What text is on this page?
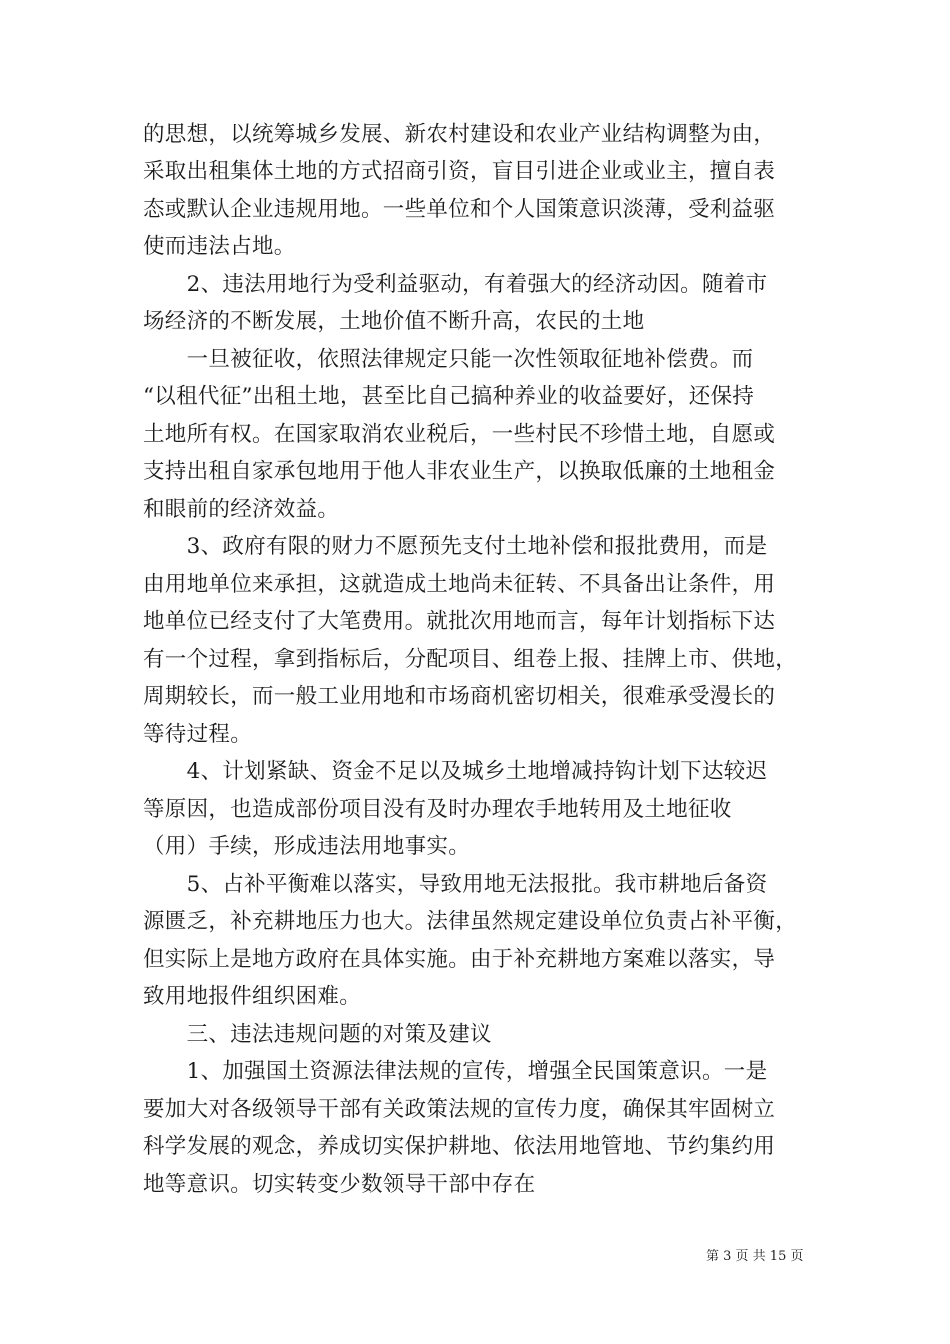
的思想，以统筹城乡发展、新农村建设和农业产业结构调整为由，
采取出租集体土地的方式招商引资，盲目引进企业或业主，擅自表
态或默认企业违规用地。一些单位和个人国策意识淡薄，受利益驱
使而违法占地。
　　2、违法用地行为受利益驱动，有着强大的经济动因。随着市
场经济的不断发展，土地价值不断升高，农民的土地
　　一旦被征收，依照法律规定只能一次性领取征地补偿费。而
“以租代征”出租土地，甚至比自己搞种养业的收益要好，还保持
土地所有权。在国家取消农业税后，一些村民不珍惜土地，自愿或
支持出租自家承包地用于他人非农业生产，以换取低廉的土地租金
和眼前的经济效益。
　　3、政府有限的财力不愿预先支付土地补偿和报批费用，而是
由用地单位来承担，这就造成土地尚未征转、不具备出让条件，用
地单位已经支付了大笔费用。就批次用地而言，每年计划指标下达
有一个过程，拿到指标后，分配项目、组卷上报、挂牌上市、供地，
周期较长，而一般工业用地和市场商机密切相关，很难承受漫长的
等待过程。
　　4、计划紧缺、资金不足以及城乡土地增减持钩计划下达较迟
等原因，也造成部份项目没有及时办理农手地转用及土地征收
（用）手续，形成违法用地事实。
　　5、占补平衡难以落实，导致用地无法报批。我市耕地后备资
源匮乏，补充耕地压力也大。法律虽然规定建设单位负责占补平衡，
但实际上是地方政府在具体实施。由于补充耕地方案难以落实，导
致用地报件组织困难。
　　三、违法违规问题的对策及建议
　　1、加强国土资源法律法规的宣传，增强全民国策意识。一是
要加大对各级领导干部有关政策法规的宣传力度，确保其牢固树立
科学发展的观念，养成切实保护耕地、依法用地管地、节约集约用
地等意识。切实转变少数领导干部中存在
第 3 页 共 15 页
